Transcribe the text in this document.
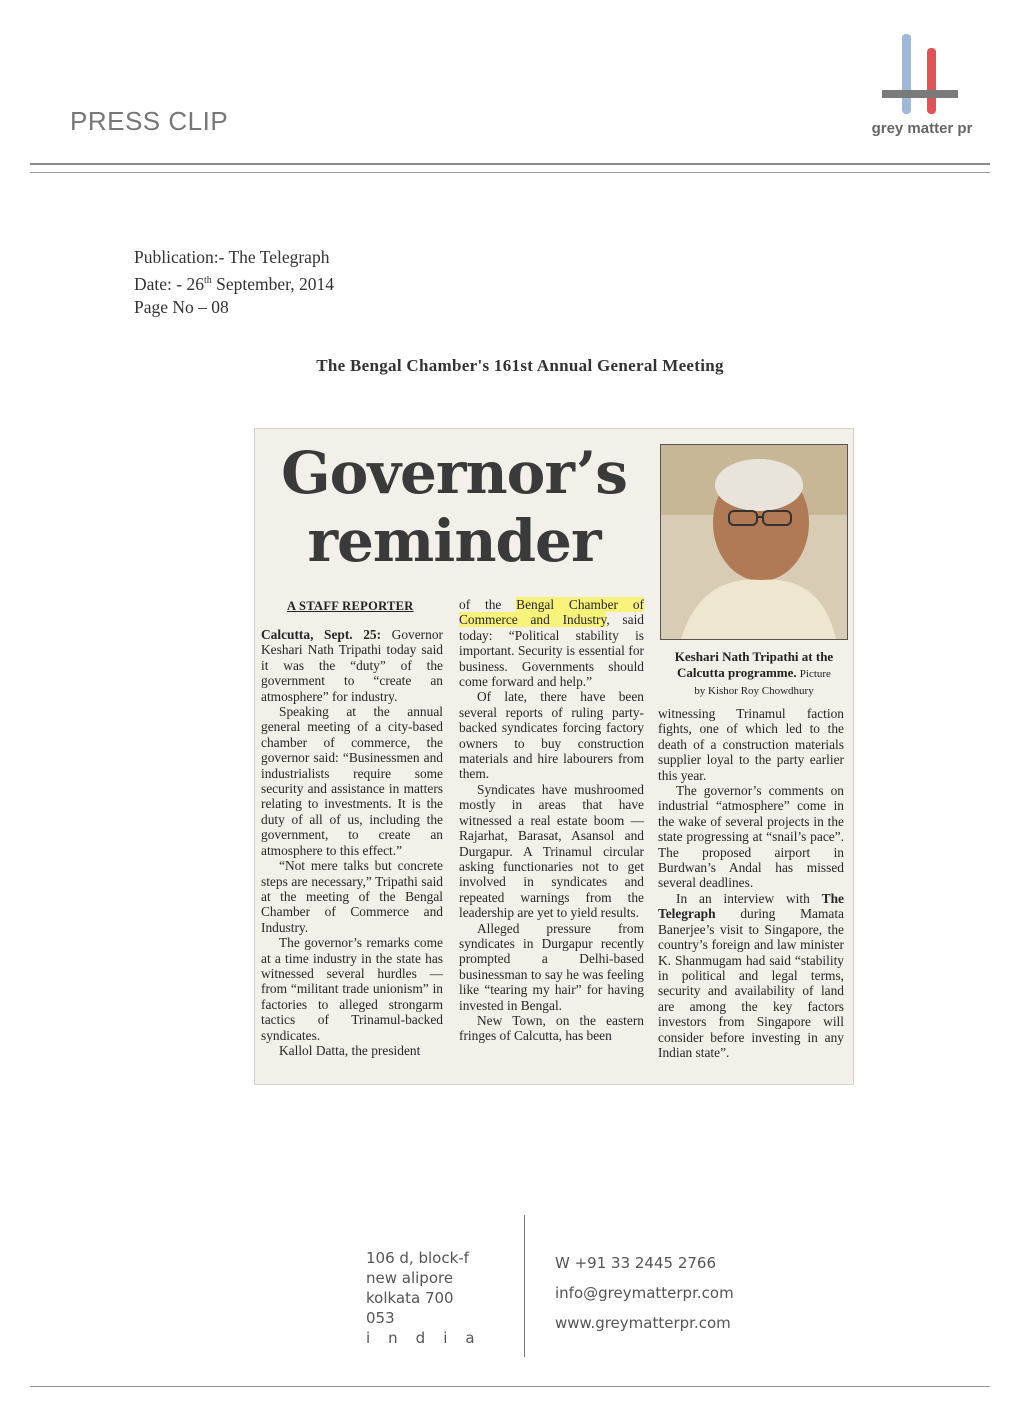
PRESS CLIP	grey matter pr
Publication:- The Telegraph
Date: - 26th September, 2014
Page No – 08
The Bengal Chamber's 161st Annual General Meeting
Governor’s
reminder
Keshari Nath Tripathi at the Calcutta programme. Picture
by Kishor Roy Chowdhury
A STAFF REPORTER

Calcutta, Sept. 25: Governor Keshari Nath Tripathi today said it was the “duty” of the government to “create an atmosphere” for industry.

Speaking at the annual general meeting of a city-based chamber of commerce, the governor said: “Businessmen and industrialists require some security and assistance in matters relating to investments. It is the duty of all of us, including the government, to create an atmosphere to this effect.”

“Not mere talks but concrete steps are necessary,” Tripathi said at the meeting of the Bengal Chamber of Commerce and Industry.

The governor’s remarks come at a time industry in the state has witnessed several hurdles — from “militant trade unionism” in factories to alleged strongarm tactics of Trinamul-backed syndicates.

Kallol Datta, the president

of the Bengal Chamber of Commerce and Industry, said today: “Political stability is important. Security is essential for business. Governments should come forward and help.”

Of late, there have been several reports of ruling party-backed syndicates forcing factory owners to buy construction materials and hire labourers from them.

Syndicates have mushroomed mostly in areas that have witnessed a real estate boom — Rajarhat, Barasat, Asansol and Durgapur. A Trinamul circular asking functionaries not to get involved in syndicates and repeated warnings from the leadership are yet to yield results.

Alleged pressure from syndicates in Durgapur recently prompted a Delhi-based businessman to say he was feeling like “tearing my hair” for having invested in Bengal.

New Town, on the eastern fringes of Calcutta, has been

witnessing Trinamul faction fights, one of which led to the death of a construction materials supplier loyal to the party earlier this year.

The governor’s comments on industrial “atmosphere” come in the wake of several projects in the state progressing at “snail’s pace”. The proposed airport in Burdwan’s Andal has missed several deadlines.

In an interview with The Telegraph during Mamata Banerjee’s visit to Singapore, the country’s foreign and law minister K. Shanmugam had said “stability in political and legal terms, security and availability of land are among the key factors investors from Singapore will consider before investing in any Indian state”.

106 d, block-f
new alipore
kolkata 700 053
india
W +91 33 2445 2766
info@greymatterpr.com
www.greymatterpr.com
